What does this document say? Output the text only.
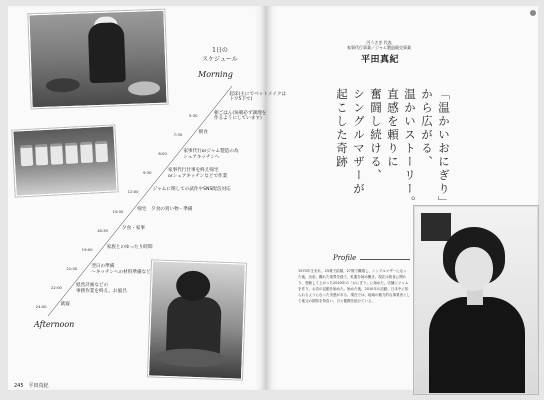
1日の
スケジュール
Morning
Afternoon
起床(主にでベットメイクは
トワ5下で)
5:30	朝ごはん(毎朝必ず調理を
作るようにしています)
7:30	朝食
8:00	家事代行orジャム製造の為
シェアキッチンへ
9:30	家事代行仕事を終え帰宅
orシェアキッチンなどで作業
12:00	ジャムに関しての試作やSNS配信対応
15:00	帰宅　夕食の買い物・準備
18:30	夕食・家事
19:00	家族とのゆったり時間
21:00	翌日の準備
〜キッチンへの材料準備など
22:00	経営計画などの
事務作業を終え、お風呂
24:00	就寝
245　平田真紀
円うさぎ 代表
家事代行事業／ジャム製造販売事業
平田真紀
「温かいおにぎり」
から広がる、
温かいストーリー。
直感を頼りに
奮闘し続ける、
シングルマザーが
起こした奇跡
Profile
1970年生まれ。25歳で結婚、27歳で離婚し、シングルマザーになった後、出産。離れた業界を経て、私服を始め働き。現在は飲食に関わり、受験して上がった2020年の「おにぎり」に始めた。店舗にジャムを作り、お店の活動を始めた。始めた後、2010年の活動、日本中に知られるようになった実感がある。現在では、地域の魅力的な事業者として地元の期待を背負い、日々奮闘を続けている。
